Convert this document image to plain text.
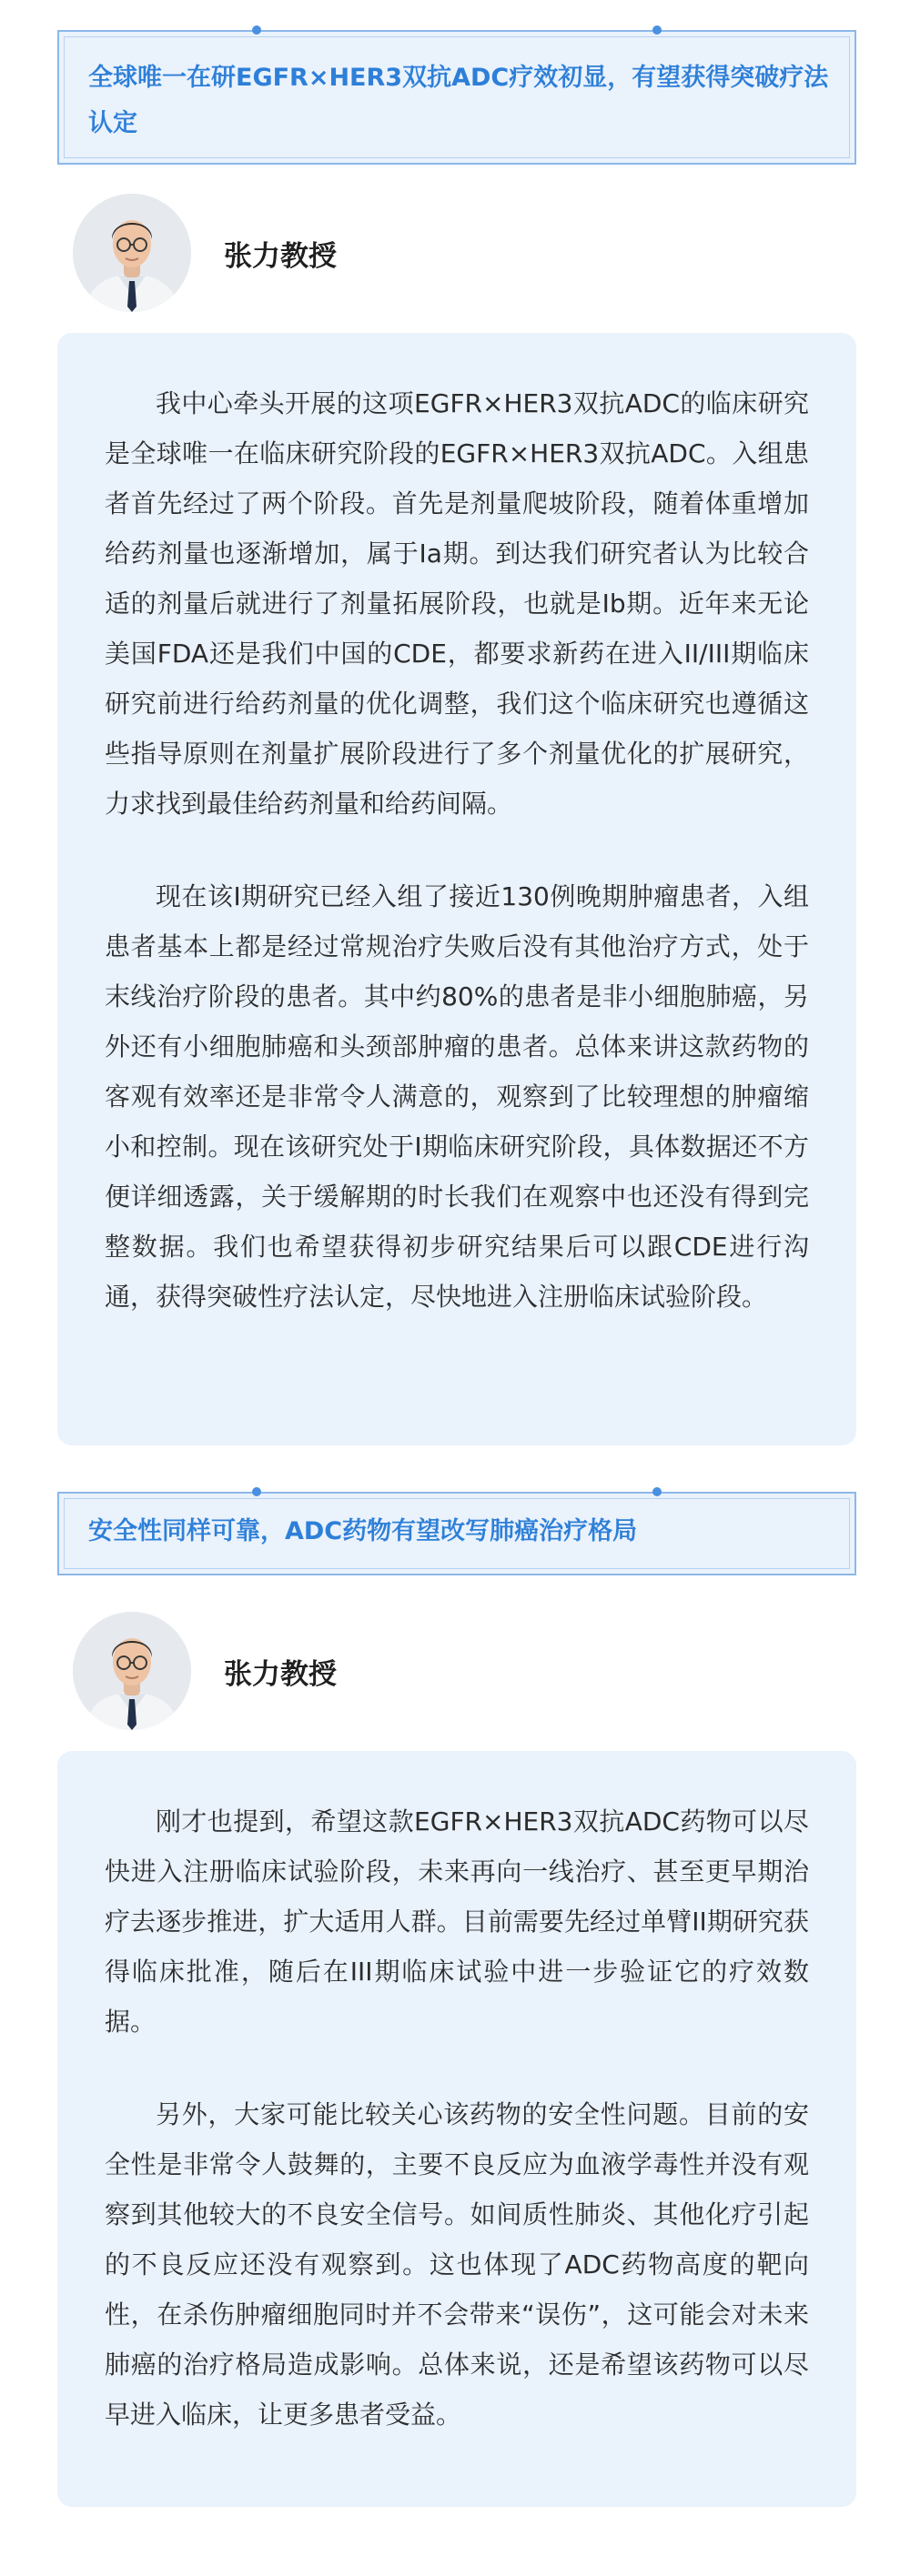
全球唯一在研EGFR×HER3双抗ADC疗效初显，有望获得突破疗法认定
张力教授

我中心牵头开展的这项EGFR×HER3双抗ADC的临床研究是全球唯一在临床研究阶段的EGFR×HER3双抗ADC。入组患者首先经过了两个阶段。首先是剂量爬坡阶段，随着体重增加给药剂量也逐渐增加，属于Ia期。到达我们研究者认为比较合适的剂量后就进行了剂量拓展阶段，也就是Ib期。近年来无论美国FDA还是我们中国的CDE，都要求新药在进入II/III期临床研究前进行给药剂量的优化调整，我们这个临床研究也遵循这些指导原则在剂量扩展阶段进行了多个剂量优化的扩展研究，力求找到最佳给药剂量和给药间隔。

现在该I期研究已经入组了接近130例晚期肿瘤患者，入组患者基本上都是经过常规治疗失败后没有其他治疗方式，处于末线治疗阶段的患者。其中约80%的患者是非小细胞肺癌，另外还有小细胞肺癌和头颈部肿瘤的患者。总体来讲这款药物的客观有效率还是非常令人满意的，观察到了比较理想的肿瘤缩小和控制。现在该研究处于I期临床研究阶段，具体数据还不方便详细透露，关于缓解期的时长我们在观察中也还没有得到完整数据。我们也希望获得初步研究结果后可以跟CDE进行沟通，获得突破性疗法认定，尽快地进入注册临床试验阶段。

安全性同样可靠，ADC药物有望改写肺癌治疗格局
张力教授

刚才也提到，希望这款EGFR×HER3双抗ADC药物可以尽快进入注册临床试验阶段，未来再向一线治疗、甚至更早期治疗去逐步推进，扩大适用人群。目前需要先经过单臂II期研究获得临床批准，随后在III期临床试验中进一步验证它的疗效数据。

另外，大家可能比较关心该药物的安全性问题。目前的安全性是非常令人鼓舞的，主要不良反应为血液学毒性并没有观察到其他较大的不良安全信号。如间质性肺炎、其他化疗引起的不良反应还没有观察到。这也体现了ADC药物高度的靶向性，在杀伤肿瘤细胞同时并不会带来“误伤”，这可能会对未来肺癌的治疗格局造成影响。总体来说，还是希望该药物可以尽早进入临床，让更多患者受益。
